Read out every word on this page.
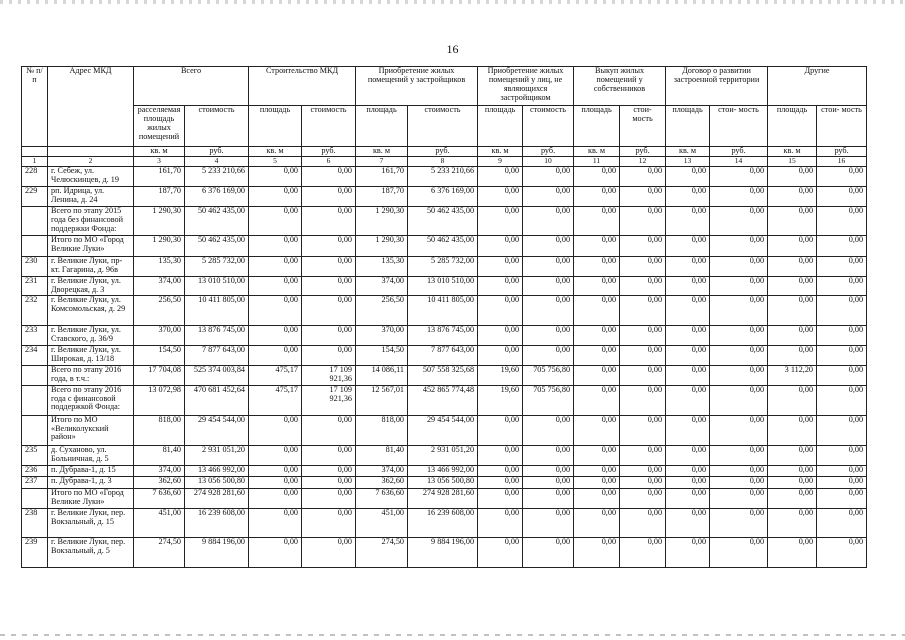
16
№ п/п	Адрес МКД	Всего		Строительство МКД		Приобретение жилых помещений у застройщиков		Приобретение жилых помещений у лиц, не являющихся застройщиком		Выкуп жилых помещений у собственников		Договор о развитии застроенной территории		Другие	
		расселяемая площадь жилых помещений	стоимость	площадь	стоимость	площадь	стоимость	площадь	стоимость	площадь	стои- мость	площадь	стои- мость	площадь	стои- мость
		кв. м	руб.	кв. м	руб.	кв. м	руб.	кв. м	руб.	кв. м	руб.	кв. м	руб.	кв. м	руб.
1	2	3	4	5	6	7	8	9	10	11	12	13	14	15	16
228	г. Себеж, ул. Челюскинцев, д. 19	161,70	5 233 210,66	0,00	0,00	161,70	5 233 210,66	0,00	0,00	0,00	0,00	0,00	0,00	0,00	0,00
229	рп. Идрица, ул. Ленина, д. 24	187,70	6 376 169,00	0,00	0,00	187,70	6 376 169,00	0,00	0,00	0,00	0,00	0,00	0,00	0,00	0,00
	Всего по этапу 2015 года без финансовой поддержки Фонда:	1 290,30	50 462 435,00	0,00	0,00	1 290,30	50 462 435,00	0,00	0,00	0,00	0,00	0,00	0,00	0,00	0,00
	Итого по МО «Город Великие Луки»	1 290,30	50 462 435,00	0,00	0,00	1 290,30	50 462 435,00	0,00	0,00	0,00	0,00	0,00	0,00	0,00	0,00
230	г. Великие Луки, пр-кт. Гагарина, д. 96в	135,30	5 285 732,00	0,00	0,00	135,30	5 285 732,00	0,00	0,00	0,00	0,00	0,00	0,00	0,00	0,00
231	г. Великие Луки, ул. Дворецкая, д. 3	374,00	13 010 510,00	0,00	0,00	374,00	13 010 510,00	0,00	0,00	0,00	0,00	0,00	0,00	0,00	0,00
232	г. Великие Луки, ул. Комсомольская, д. 29	256,50	10 411 805,00	0,00	0,00	256,50	10 411 805,00	0,00	0,00	0,00	0,00	0,00	0,00	0,00	0,00
233	г. Великие Луки, ул. Ставского, д. 36/9	370,00	13 876 745,00	0,00	0,00	370,00	13 876 745,00	0,00	0,00	0,00	0,00	0,00	0,00	0,00	0,00
234	г. Великие Луки, ул. Широкая, д. 13/18	154,50	7 877 643,00	0,00	0,00	154,50	7 877 643,00	0,00	0,00	0,00	0,00	0,00	0,00	0,00	0,00
	Всего по этапу 2016 года, в т.ч.:	17 704,08	525 374 003,84	475,17	17 109 921,36	14 086,11	507 558 325,68	19,60	705 756,80	0,00	0,00	0,00	0,00	3 112,20	0,00
	Всего по этапу 2016 года с финансовой поддержкой Фонда:	13 072,98	470 681 452,64	475,17	17 109 921,36	12 567,01	452 865 774,48	19,60	705 756,80	0,00	0,00	0,00	0,00	0,00	0,00
	Итого по МО «Великолукский район»	818,00	29 454 544,00	0,00	0,00	818,00	29 454 544,00	0,00	0,00	0,00	0,00	0,00	0,00	0,00	0,00
235	д. Суханово, ул. Больничная, д. 5	81,40	2 931 051,20	0,00	0,00	81,40	2 931 051,20	0,00	0,00	0,00	0,00	0,00	0,00	0,00	0,00
236	п. Дубрава-1, д. 15	374,00	13 466 992,00	0,00	0,00	374,00	13 466 992,00	0,00	0,00	0,00	0,00	0,00	0,00	0,00	0,00
237	п. Дубрава-1, д. 3	362,60	13 056 500,80	0,00	0,00	362,60	13 056 500,80	0,00	0,00	0,00	0,00	0,00	0,00	0,00	0,00
	Итого по МО «Город Великие Луки»	7 636,60	274 928 281,60	0,00	0,00	7 636,60	274 928 281,60	0,00	0,00	0,00	0,00	0,00	0,00	0,00	0,00
238	г. Великие Луки, пер. Вокзальный, д. 15	451,00	16 239 608,00	0,00	0,00	451,00	16 239 608,00	0,00	0,00	0,00	0,00	0,00	0,00	0,00	0,00
239	г. Великие Луки, пер. Вокзальный, д. 5	274,50	9 884 196,00	0,00	0,00	274,50	9 884 196,00	0,00	0,00	0,00	0,00	0,00	0,00	0,00	0,00
